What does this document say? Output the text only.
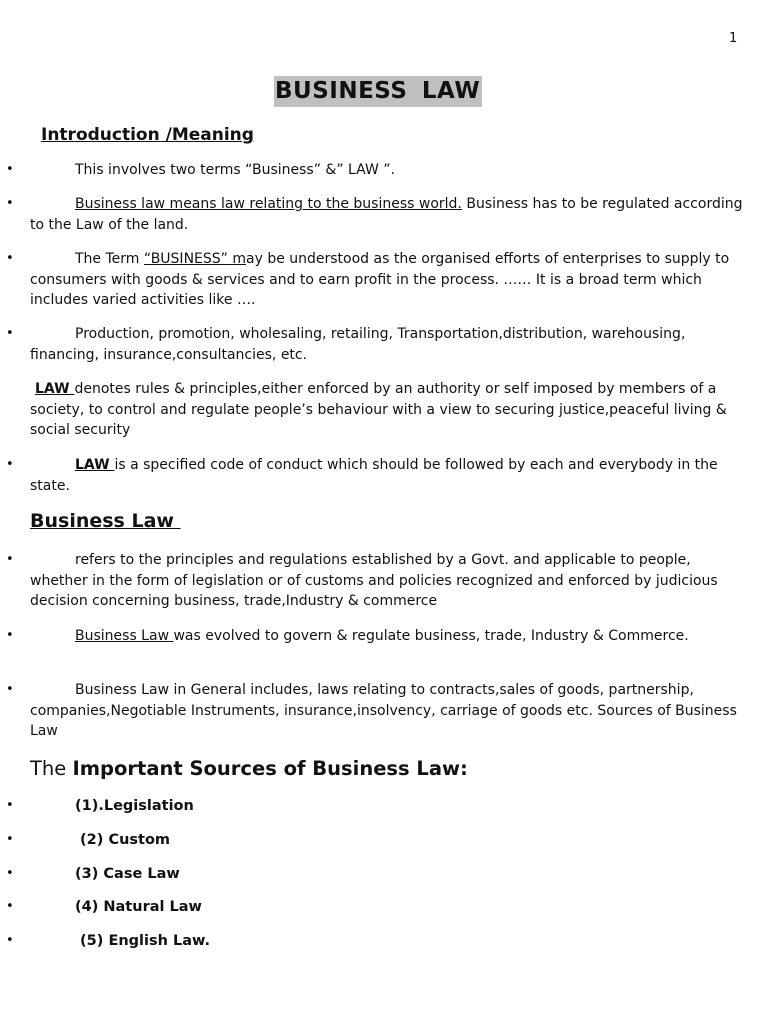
1
BUSINESS LAW
Introduction /Meaning
•	This involves two terms “Business” &” LAW ”.
•	Business law means law relating to the business world. Business has to be regulated according to the Law of the land.
•	The Term “BUSINESS” may be understood as the organised efforts of enterprises to supply to consumers with goods & services and to earn profit in the process. …… It is a broad term which includes varied activities like ….
•	Production, promotion, wholesaling, retailing, Transportation,distribution, warehousing, financing, insurance,consultancies, etc.
LAW denotes rules & principles,either enforced by an authority or self imposed by members of a society, to control and regulate people’s behaviour with a view to securing justice,peaceful living & social security
•	LAW is a specified code of conduct which should be followed by each and everybody in the state.
Business Law
•	refers to the principles and regulations established by a Govt. and applicable to people, whether in the form of legislation or of customs and policies recognized and enforced by judicious decision concerning business, trade,Industry & commerce
•	Business Law was evolved to govern & regulate business, trade, Industry & Commerce.
•	Business Law in General includes, laws relating to contracts,sales of goods, partnership, companies,Negotiable Instruments, insurance,insolvency, carriage of goods etc. Sources of Business Law
The Important Sources of Business Law:
•	(1).Legislation
•	(2) Custom
•	(3) Case Law
•	(4) Natural Law
•	(5) English Law.
